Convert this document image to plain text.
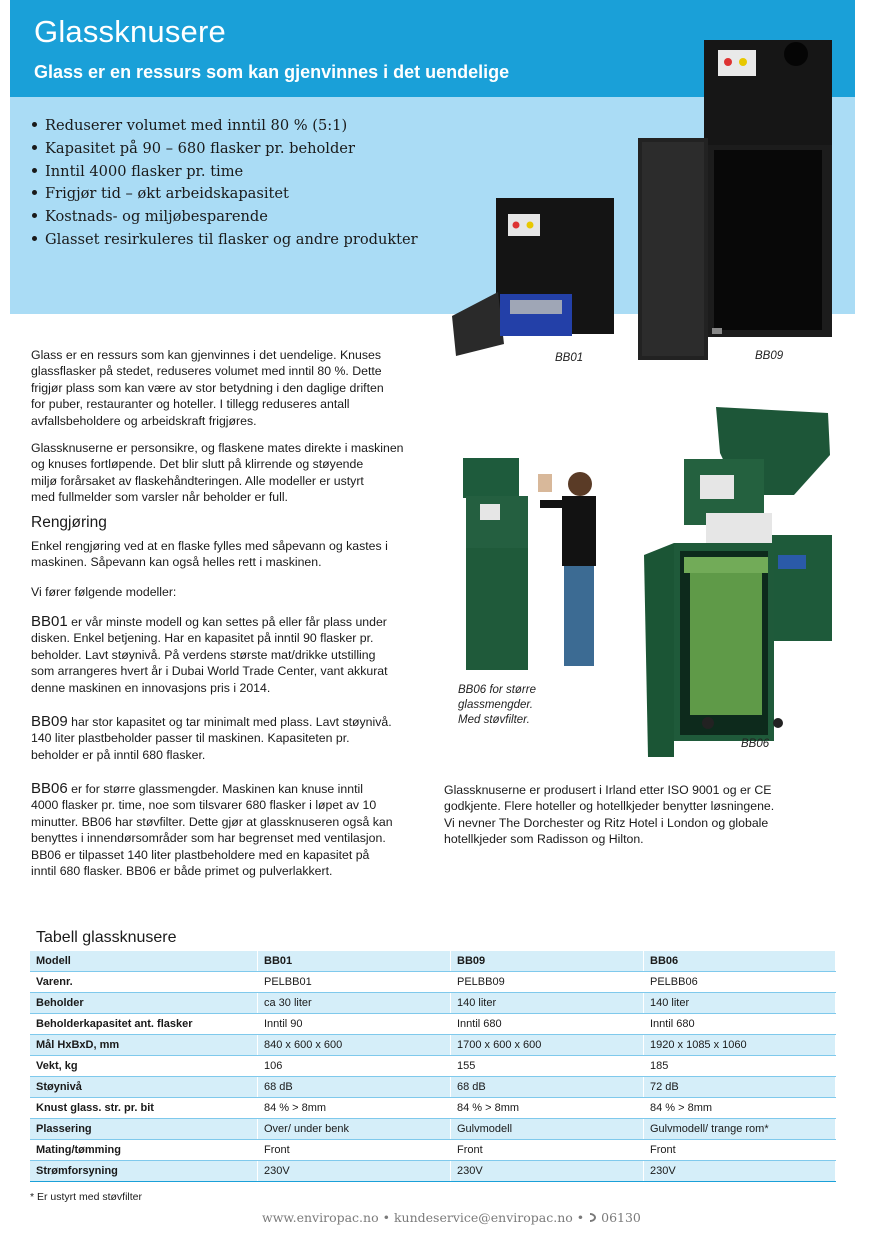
Glassknusere
Glass er en ressurs som kan gjenvinnes i det uendelige
Reduserer volumet med inntil 80 % (5:1)
Kapasitet på 90 – 680 flasker pr. beholder
Inntil 4000 flasker pr. time
Frigjør tid – økt arbeidskapasitet
Kostnads- og miljøbesparende
Glasset resirkuleres til flasker og andre produkter
BB09
BB01
BB06 for større
glassmengder.
Med støvfilter.
BB06
Glass er en ressurs som kan gjenvinnes i det uendelige. Knuses
glassflasker på stedet, reduseres volumet med inntil 80 %. Dette
frigjør plass som kan være av stor betydning i den daglige driften
for puber, restauranter og hoteller. I tillegg reduseres antall
avfallsbeholdere og arbeidskraft frigjøres.
Glassknuserne er personsikre, og flaskene mates direkte i maskinen
og knuses fortløpende. Det blir slutt på klirrende og støyende
miljø forårsaket av flaskehåndteringen. Alle modeller er ustyrt
med fullmelder som varsler når beholder er full.
Rengjøring
Enkel rengjøring ved at en flaske fylles med såpevann og kastes i
maskinen. Såpevann kan også helles rett i maskinen.
Vi fører følgende modeller:
BB01 er vår minste modell og kan settes på eller får plass under
disken. Enkel betjening. Har en kapasitet på inntil 90 flasker pr.
beholder. Lavt støynivå. På verdens største mat/drikke utstilling
som arrangeres hvert år i Dubai World Trade Center, vant akkurat
denne maskinen en innovasjons pris i 2014.
BB09 har stor kapasitet og tar minimalt med plass. Lavt støynivå.
140 liter plastbeholder passer til maskinen. Kapasiteten pr.
beholder er på inntil 680 flasker.
BB06 er for større glassmengder. Maskinen kan knuse inntil
4000 flasker pr. time, noe som tilsvarer 680 flasker i løpet av 10
minutter. BB06 har støvfilter. Dette gjør at glassknuseren også kan
benyttes i innendørsområder som har begrenset med ventilasjon.
BB06 er tilpasset 140 liter plastbeholdere med en kapasitet på
inntil 680 flasker. BB06 er både primet og pulverlakkert.
Glassknuserne er produsert i Irland etter ISO 9001 og er CE
godkjente. Flere hoteller og hotellkjeder benytter løsningene.
Vi nevner The Dorchester og Ritz Hotel i London og globale
hotellkjeder som Radisson og Hilton.
Tabell glassknusere
Modell	BB01	BB09	BB06
Varenr.	PELBB01	PELBB09	PELBB06
Beholder	ca 30 liter	140 liter	140 liter
Beholderkapasitet ant. flasker	Inntil 90	Inntil 680	Inntil 680
Mål HxBxD, mm	840 x 600 x 600	1700 x 600 x 600	1920 x 1085 x 1060
Vekt, kg	106	155	185
Støynivå	68 dB	68 dB	72 dB
Knust glass. str. pr. bit	84 % > 8mm	84 % > 8mm	84 % > 8mm
Plassering	Over/ under benk	Gulvmodell	Gulvmodell/ trange rom*
Mating/tømming	Front	Front	Front
Strømforsyning	230V	230V	230V
* Er ustyrt med støvfilter
www.enviropac.no • kundeservice@enviropac.no •  06130
